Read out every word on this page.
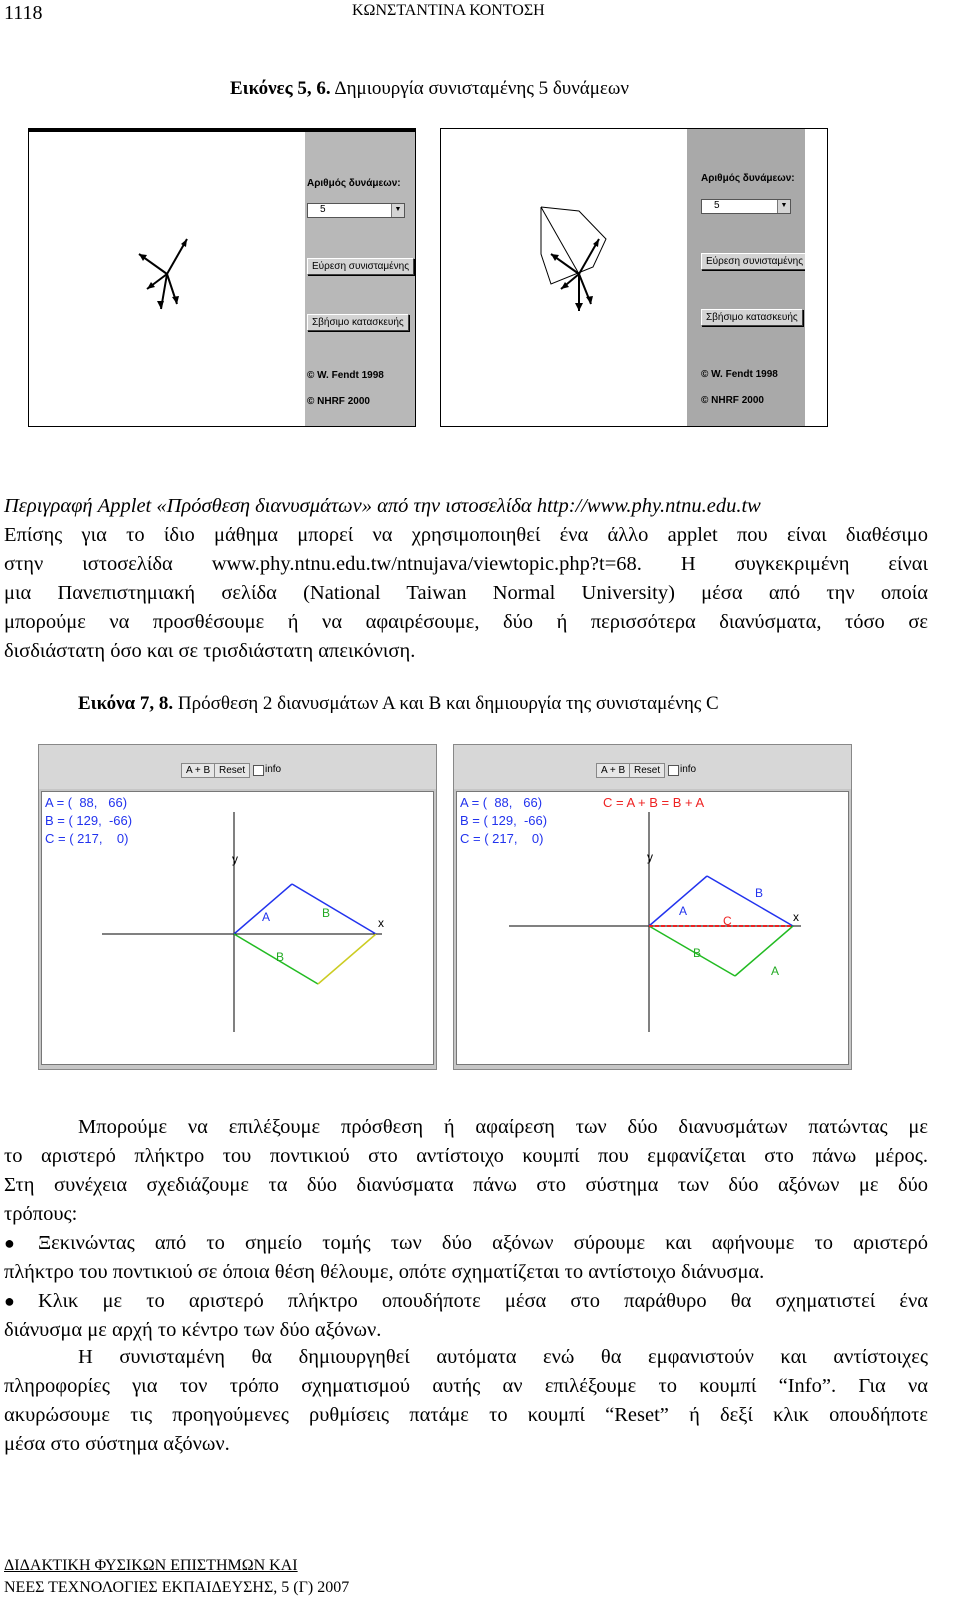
1118	ΚΩΝΣΤΑΝΤΙΝΑ ΚΟΝΤΟΣΗ
Εικόνες 5, 6. Δημιουργία συνισταμένης 5 δυνάμεων
Αριθμός δυνάμεων:
5	▼
Εύρεση συνισταμένης
Σβήσιμο κατασκευής
© W. Fendt 1998
© NHRF 2000
Αριθμός δυνάμεων:
5	▼
Εύρεση συνισταμένης
Σβήσιμο κατασκευής
© W. Fendt 1998
© NHRF 2000
Περιγραφή Applet «Πρόσθεση διανυσμάτων» από την ιστοσελίδα http://www.phy.ntnu.edu.tw
Επίσης για το ίδιο μάθημα μπορεί να χρησιμοποιηθεί ένα άλλο applet που είναι διαθέσιμο
στην ιστοσελίδα www.phy.ntnu.edu.tw/ntnujava/viewtopic.php?t=68. Η συγκεκριμένη είναι
μια Πανεπιστημιακή σελίδα (National Taiwan Normal University) μέσα από την οποία
μπορούμε να προσθέσουμε ή να αφαιρέσουμε, δύο ή περισσότερα διανύσματα, τόσο σε
δισδιάστατη όσο και σε τρισδιάστατη απεικόνιση.
Εικόνα 7, 8. Πρόσθεση 2 διανυσμάτων Α και Β και δημιουργία της συνισταμένης C
A + B Reset	info
A = (  88,   66)
B = ( 129,  -66)
C = ( 217,    0)
y
x
A	B
B
A + B Reset	info
A = (  88,   66)
B = ( 129,  -66)
C = ( 217,    0)
C = A + B = B + A
y
x
A
B
C
B
A
Μπορούμε να επιλέξουμε πρόσθεση ή αφαίρεση των δύο διανυσμάτων πατώντας με
το αριστερό πλήκτρο του ποντικιού στο αντίστοιχο κουμπί που εμφανίζεται στο πάνω μέρος.
Στη συνέχεια σχεδιάζουμε τα δύο διανύσματα πάνω στο σύστημα των δύο αξόνων με δύο
τρόπους:
●	Ξεκινώντας από το σημείο τομής των δύο αξόνων σύρουμε και αφήνουμε το αριστερό
πλήκτρο του ποντικιού σε όποια θέση θέλουμε, οπότε σχηματίζεται το αντίστοιχο διάνυσμα.
●	Κλικ με το αριστερό πλήκτρο οπουδήποτε μέσα στο παράθυρο θα σχηματιστεί ένα
διάνυσμα με αρχή το κέντρο των δύο αξόνων.
Η συνισταμένη θα δημιουργηθεί αυτόματα ενώ θα εμφανιστούν και αντίστοιχες
πληροφορίες για τον τρόπο σχηματισμού αυτής αν επιλέξουμε το κουμπί “Info”. Για να
ακυρώσουμε τις προηγούμενες ρυθμίσεις πατάμε το κουμπί “Reset” ή δεξί κλικ οπουδήποτε
μέσα στο σύστημα αξόνων.
ΔΙΔΑΚΤΙΚΗ ΦΥΣΙΚΩΝ ΕΠΙΣΤΗΜΩΝ ΚΑΙ
ΝΕΕΣ ΤΕΧΝΟΛΟΓΙΕΣ ΕΚΠΑΙΔΕΥΣΗΣ, 5 (Γ) 2007
